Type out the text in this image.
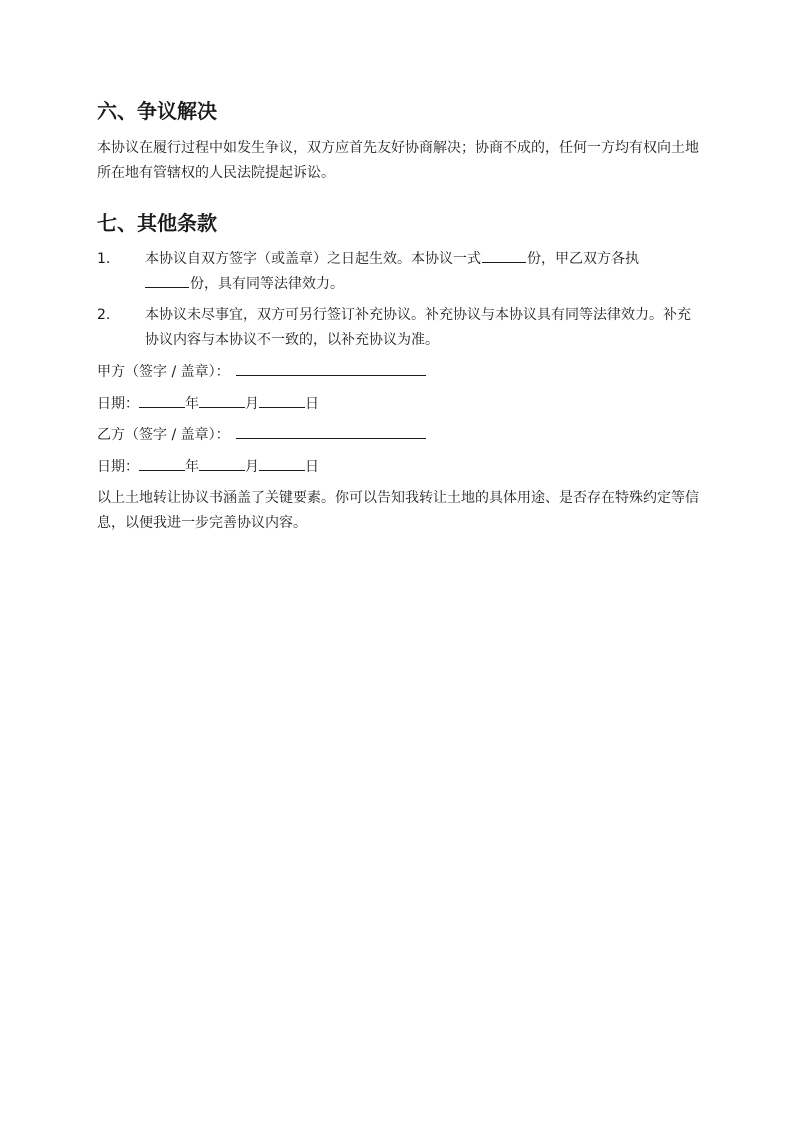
六、争议解决

本协议在履行过程中如发生争议，双方应首先友好协商解决；协商不成的，任何一方均有权向土地所在地有管辖权的人民法院提起诉讼。

七、其他条款
1.	本协议自双方签字（或盖章）之日起生效。本协议一式	份，甲乙双方各执
份，具有同等法律效力。
2.	本协议未尽事宜，双方可另行签订补充协议。补充协议与本协议具有同等法律效力。补充协议内容与本协议不一致的，以补充协议为准。
甲方（签字 / 盖章）：
日期：	年	月	日
乙方（签字 / 盖章）：
日期：	年	月	日

以上土地转让协议书涵盖了关键要素。你可以告知我转让土地的具体用途、是否存在特殊约定等信息，以便我进一步完善协议内容。
